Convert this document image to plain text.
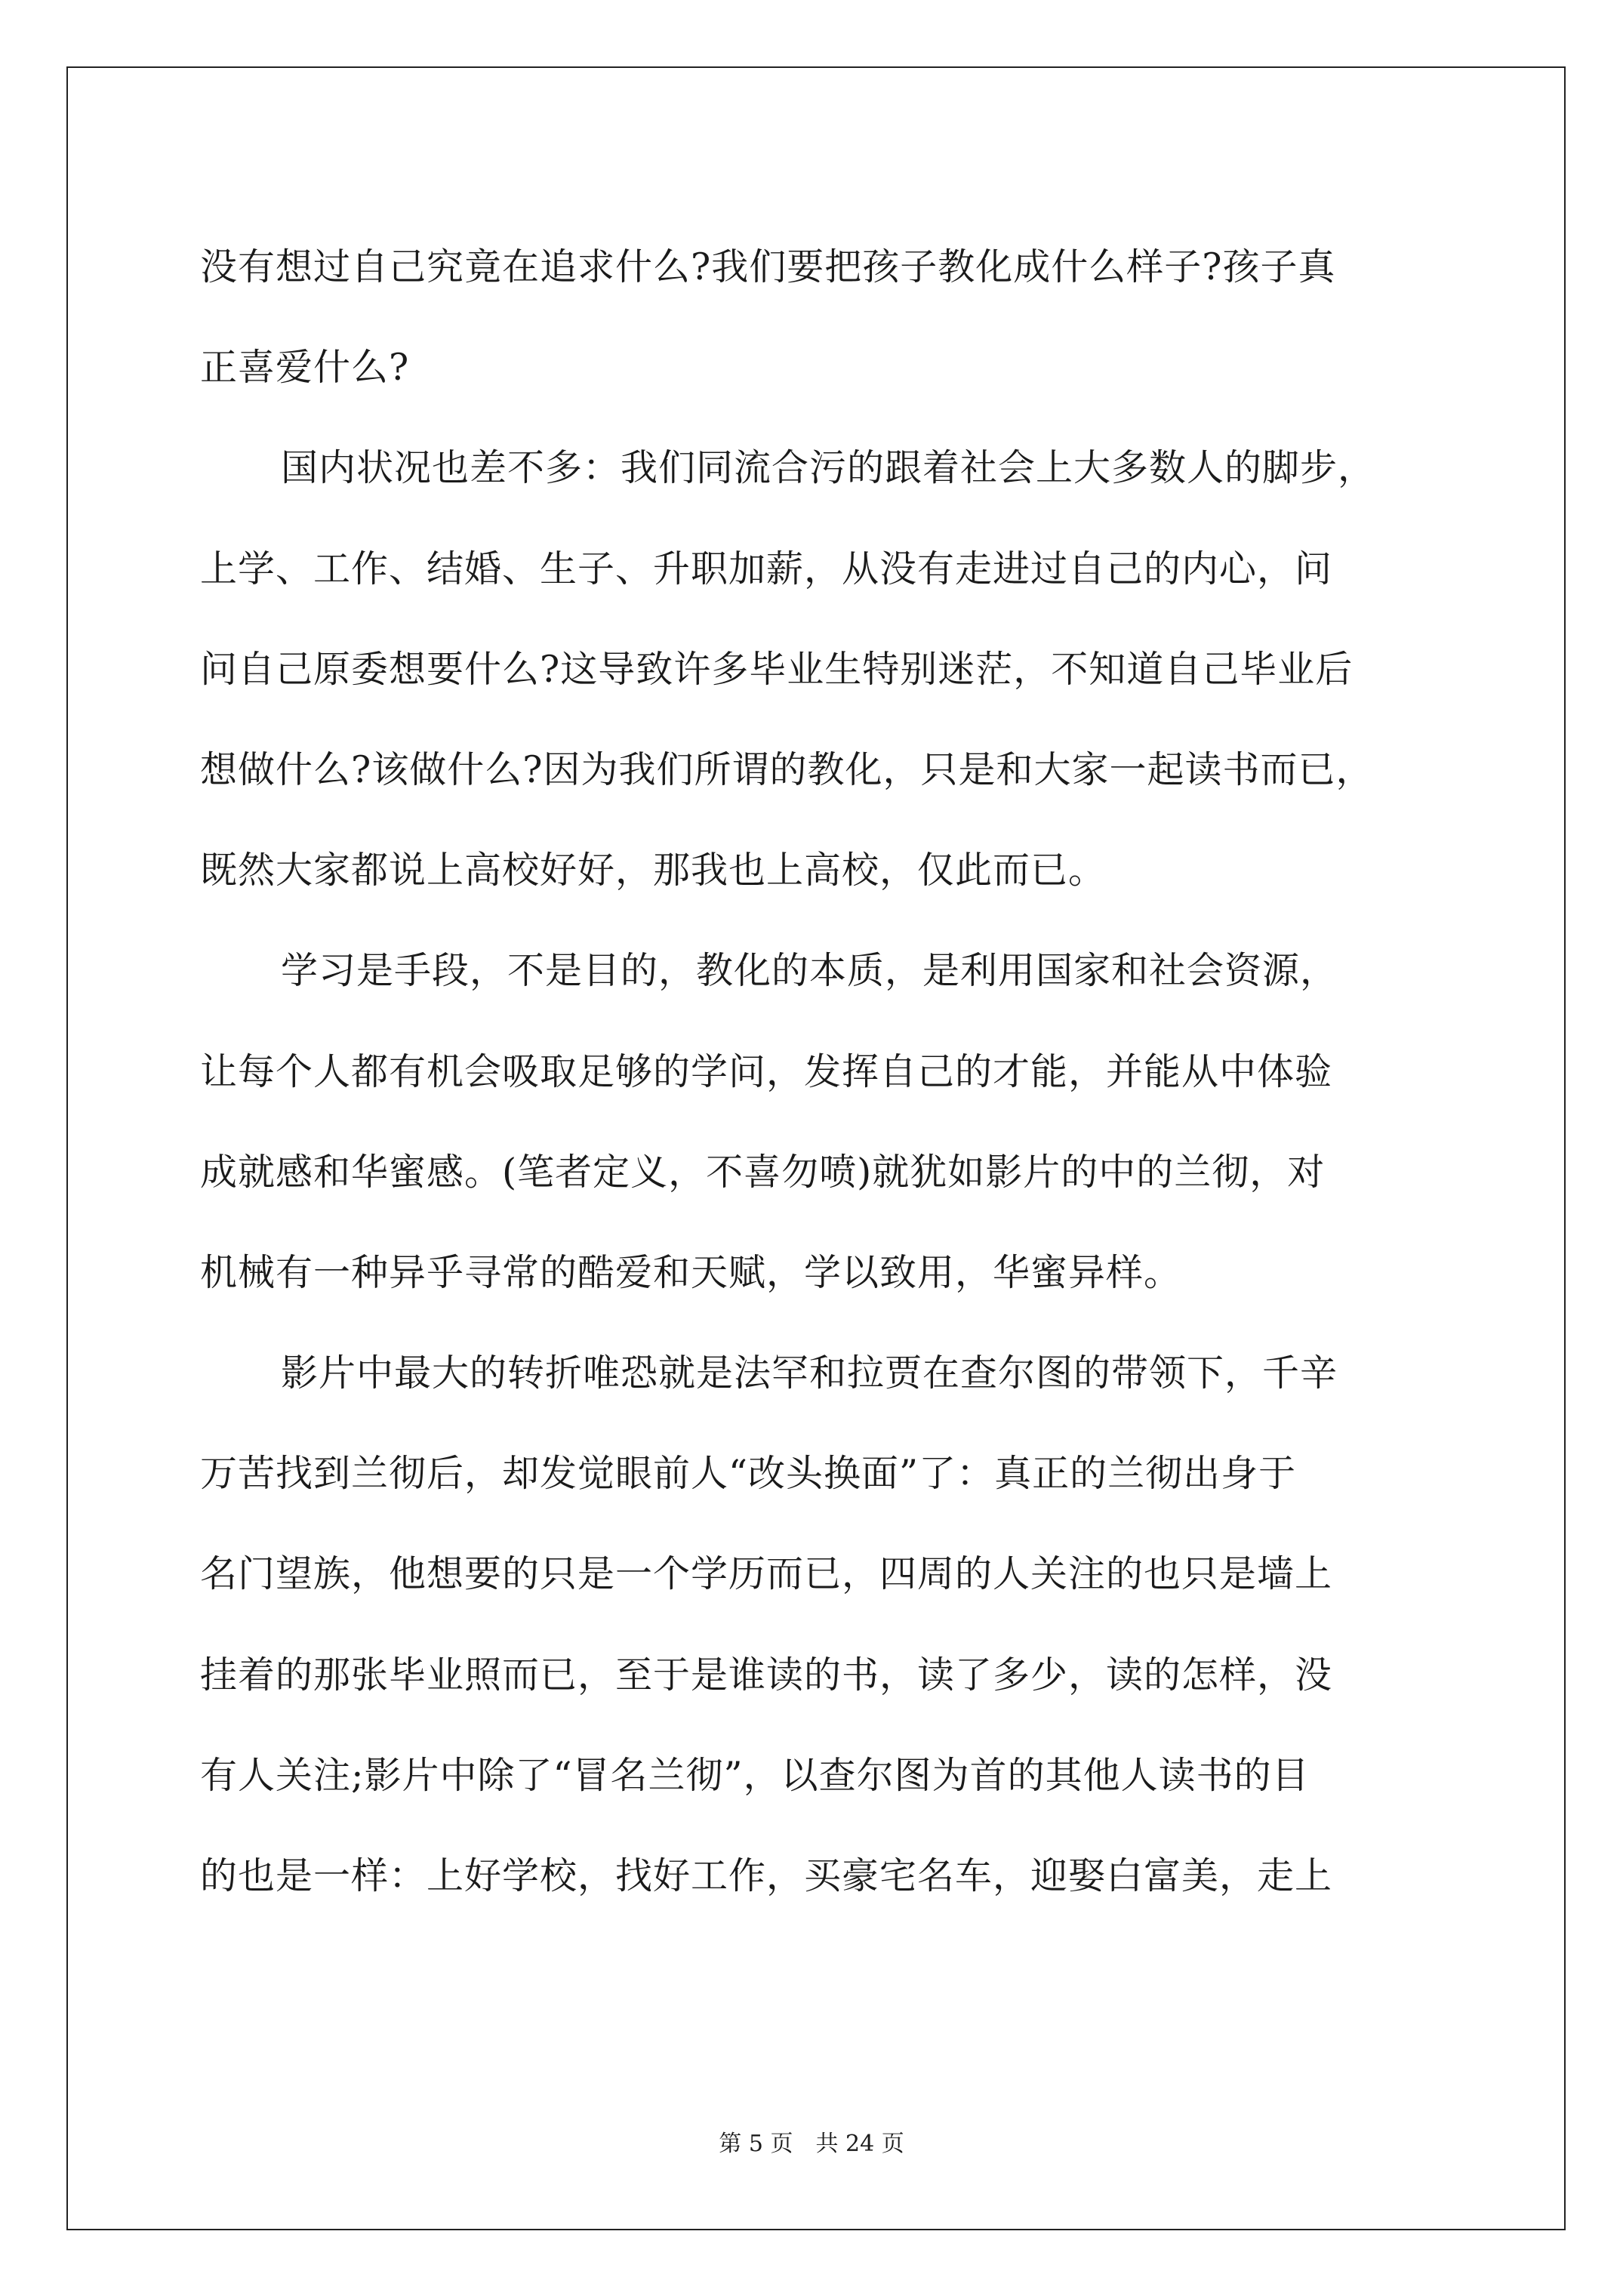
没有想过自己究竟在追求什么?我们要把孩子教化成什么样子?孩子真
正喜爱什么?
国内状况也差不多：我们同流合污的跟着社会上大多数人的脚步，
上学、工作、结婚、生子、升职加薪，从没有走进过自己的内心，问
问自己原委想要什么?这导致许多毕业生特别迷茫，不知道自己毕业后
想做什么?该做什么?因为我们所谓的教化，只是和大家一起读书而已，
既然大家都说上高校好好，那我也上高校，仅此而已。
学习是手段，不是目的，教化的本质，是利用国家和社会资源，
让每个人都有机会吸取足够的学问，发挥自己的才能，并能从中体验
成就感和华蜜感。(笔者定义，不喜勿喷)就犹如影片的中的兰彻，对
机械有一种异乎寻常的酷爱和天赋，学以致用，华蜜异样。
影片中最大的转折唯恐就是法罕和拉贾在查尔图的带领下，千辛
万苦找到兰彻后，却发觉眼前人“改头换面”了：真正的兰彻出身于
名门望族，他想要的只是一个学历而已，四周的人关注的也只是墙上
挂着的那张毕业照而已，至于是谁读的书，读了多少，读的怎样，没
有人关注;影片中除了“冒名兰彻”，以查尔图为首的其他人读书的目
的也是一样：上好学校，找好工作，买豪宅名车，迎娶白富美，走上
第 5 页　共 24 页
